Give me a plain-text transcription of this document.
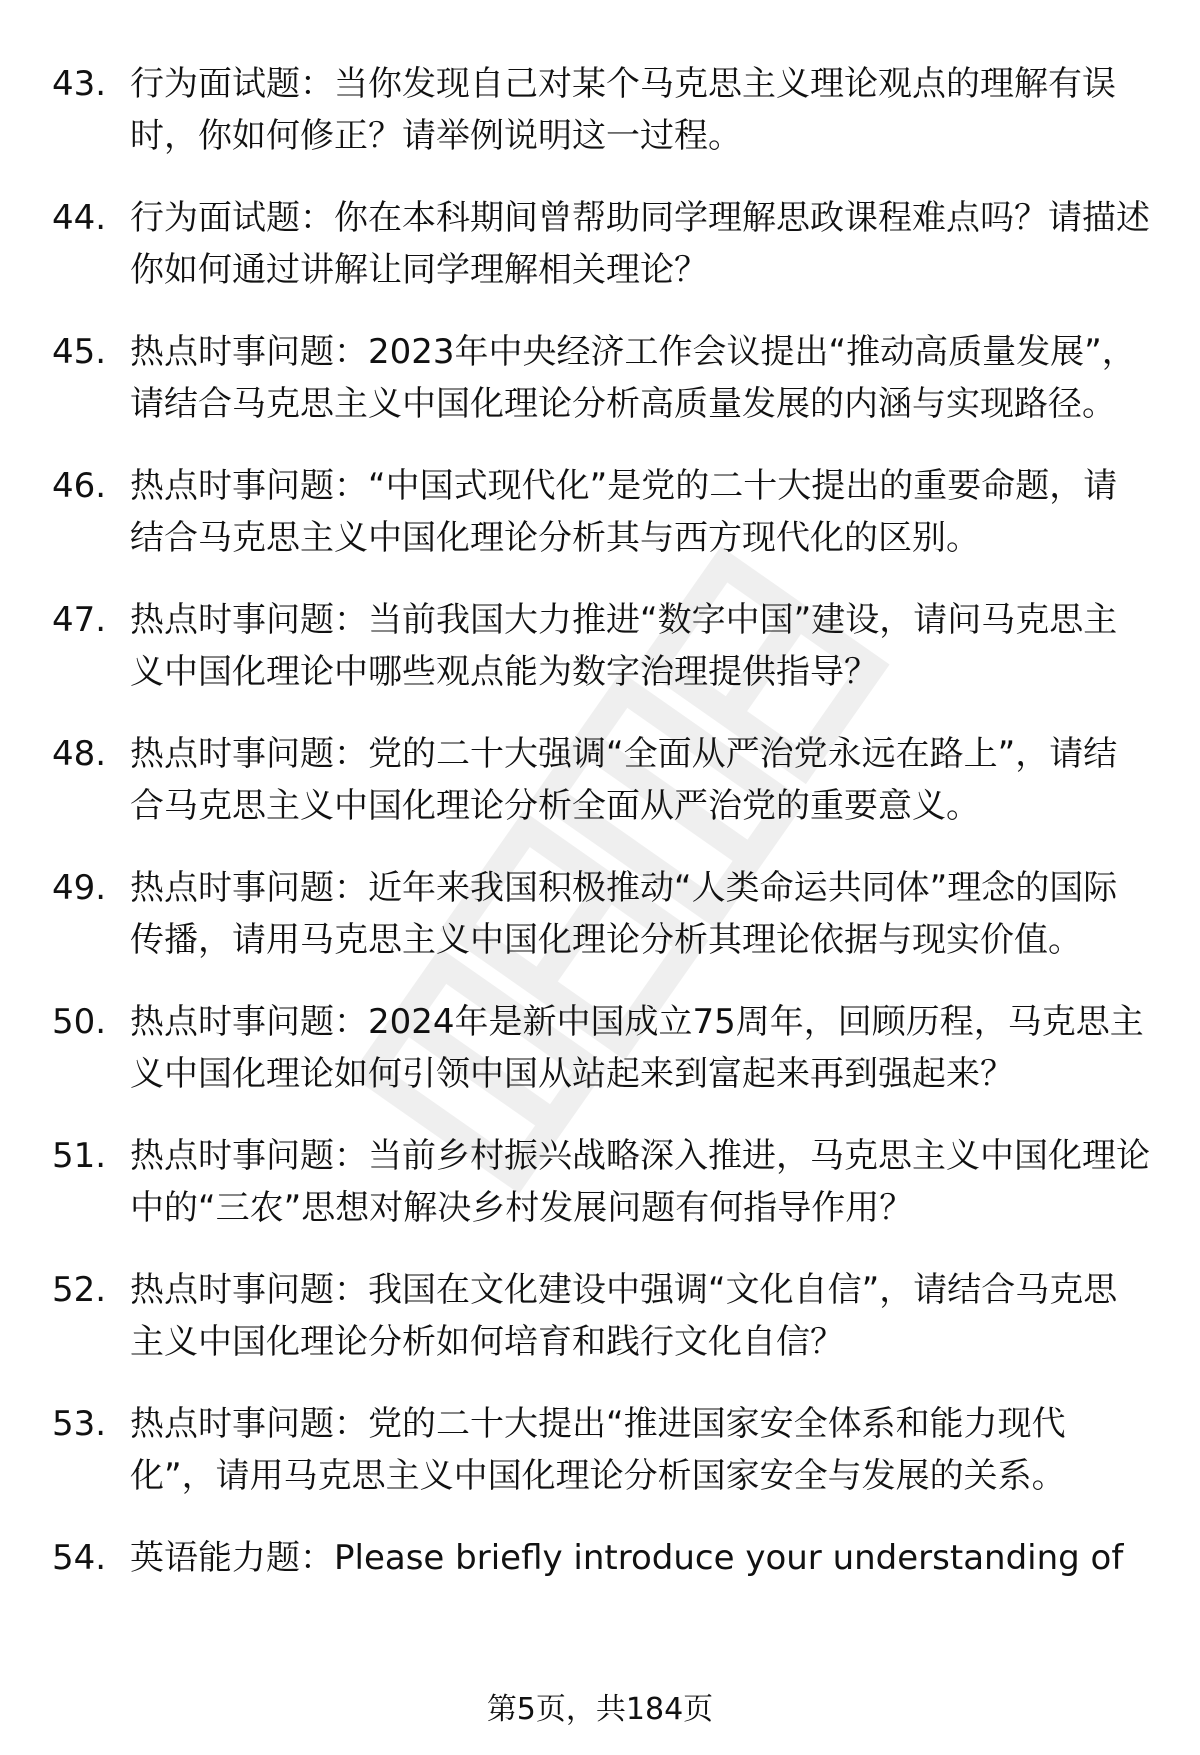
43. 行为面试题：当你发现自己对某个马克思主义理论观点的理解有误时，你如何修正？请举例说明这一过程。
44. 行为面试题：你在本科期间曾帮助同学理解思政课程难点吗？请描述你如何通过讲解让同学理解相关理论？
45. 热点时事问题：2023年中央经济工作会议提出“推动高质量发展”，请结合马克思主义中国化理论分析高质量发展的内涵与实现路径。
46. 热点时事问题：“中国式现代化”是党的二十大提出的重要命题，请结合马克思主义中国化理论分析其与西方现代化的区别。
47. 热点时事问题：当前我国大力推进“数字中国”建设，请问马克思主义中国化理论中哪些观点能为数字治理提供指导？
48. 热点时事问题：党的二十大强调“全面从严治党永远在路上”，请结合马克思主义中国化理论分析全面从严治党的重要意义。
49. 热点时事问题：近年来我国积极推动“人类命运共同体”理念的国际传播，请用马克思主义中国化理论分析其理论依据与现实价值。
50. 热点时事问题：2024年是新中国成立75周年，回顾历程，马克思主义中国化理论如何引领中国从站起来到富起来再到强起来？
51. 热点时事问题：当前乡村振兴战略深入推进，马克思主义中国化理论中的“三农”思想对解决乡村发展问题有何指导作用？
52. 热点时事问题：我国在文化建设中强调“文化自信”，请结合马克思主义中国化理论分析如何培育和践行文化自信？
53. 热点时事问题：党的二十大提出“推进国家安全体系和能力现代化”，请用马克思主义中国化理论分析国家安全与发展的关系。
54. 英语能力题：Please briefly introduce your understanding of
第5页，共184页
